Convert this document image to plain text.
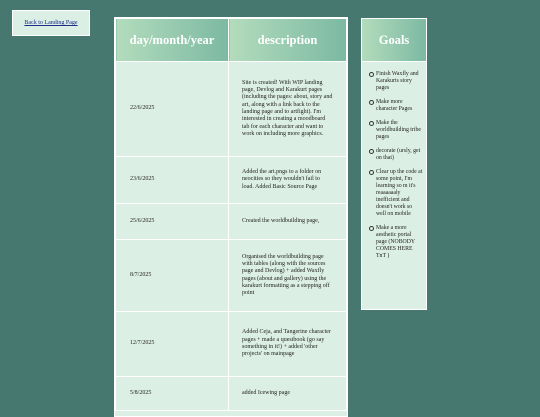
Back to Landing Page
day/month/year	description
22/6/2025	Site is created! With WIP landing page, Devlog and Karakurt pages (including the pages: about, story and art, along with a link back to the landing page and to artfight). I'm interested in creating a moodboard tab for each character and want to work on including more graphics.
23/6/2025	Added the art.pngs to a folder on neocities so they wouldn't fail to load. Added Basic Source Page
25/6/2025	Created the worldbuilding page,
8/7/2025	Organised the worldbuilding page with tables (along with the sources page and Devlog) + added Waxfly pages (about and gallery) using the karakurt formatting as a stepping off point
12/7/2025	Added Ceja, and Tangerine character pages + made a questbook (go say something in it!) + added 'other projects' on mainpage
5/8/2025	added Icewing page
Goals
Finish Waxfly and Karakurts story pages
Make more character Pages
Make the worldbuilding tribe pages
decorate (ursly, get on that)
Clear up the code at some point, I'm learning so m it's reaaaaaaly inefficient and doesn't work so well on mobile
Make a more aesthetic portal page (NOBODY COMES HERE TnT )
